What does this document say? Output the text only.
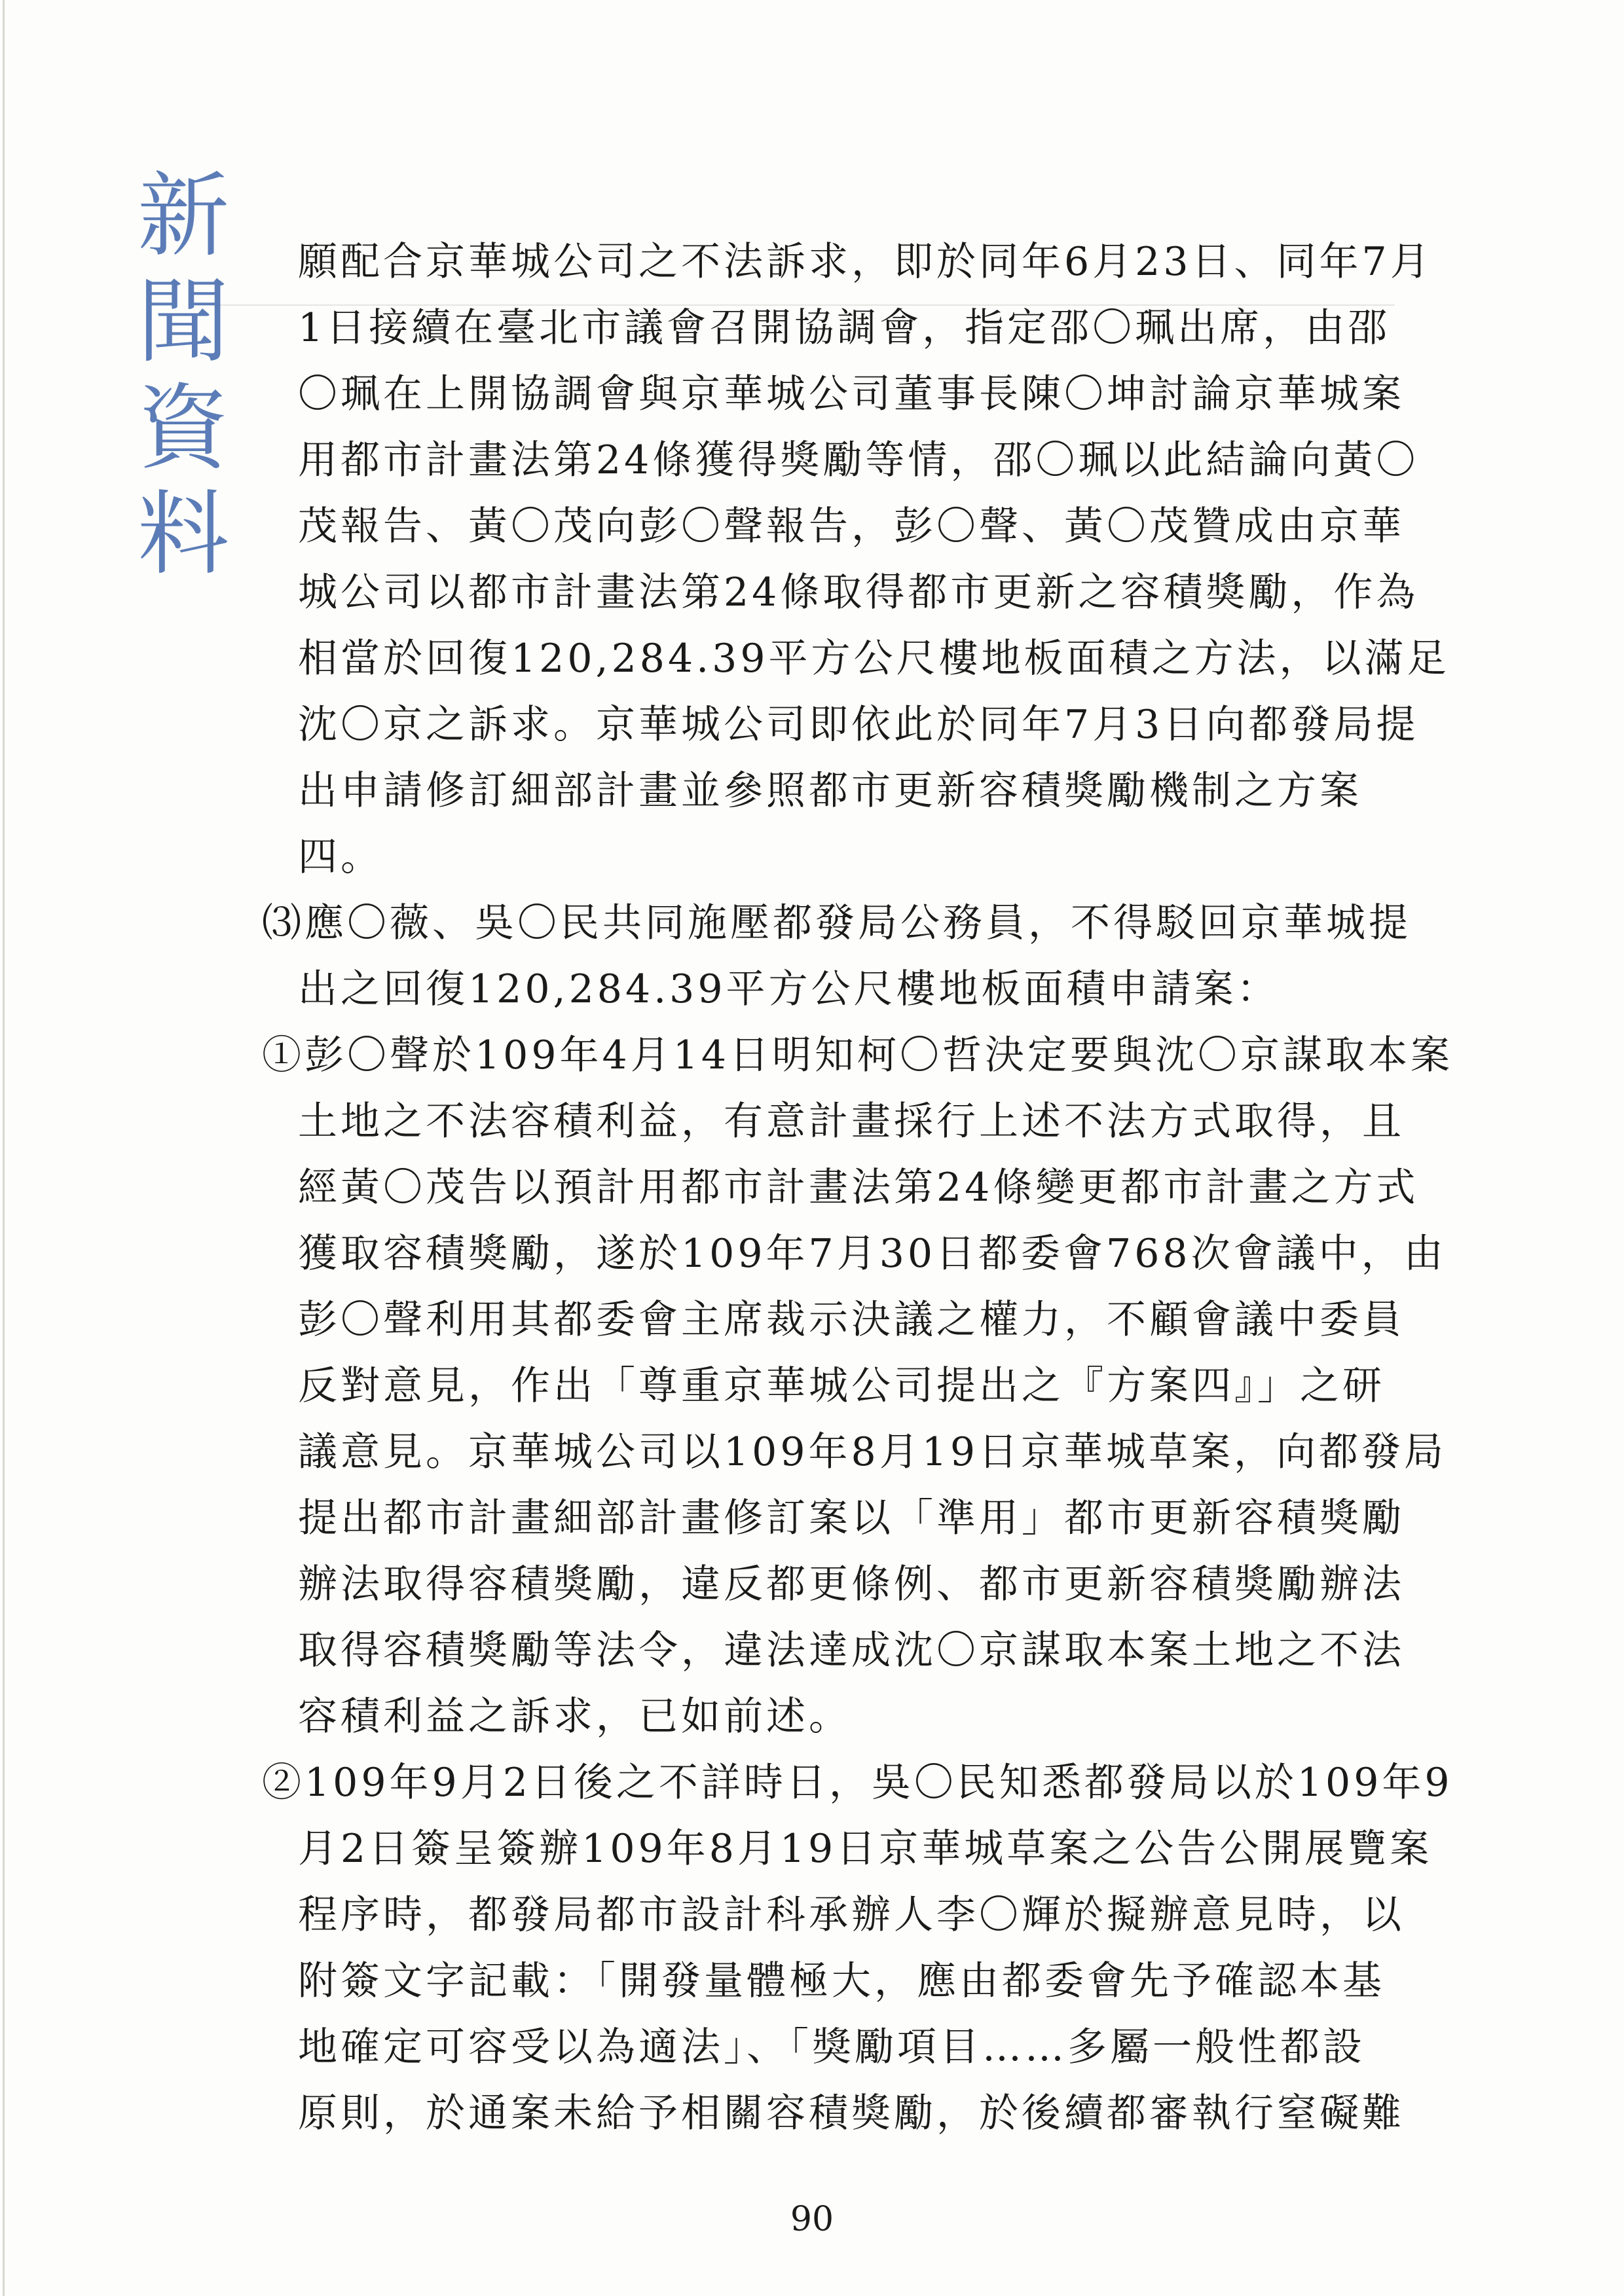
新
聞
資
料
願配合京華城公司之不法訴求，即於同年6月23日、同年7月
1日接續在臺北市議會召開協調會，指定邵〇珮出席，由邵
〇珮在上開協調會與京華城公司董事長陳〇坤討論京華城案
用都市計畫法第24條獲得獎勵等情，邵〇珮以此結論向黃〇
茂報告、黃〇茂向彭〇聲報告，彭〇聲、黃〇茂贊成由京華
城公司以都市計畫法第24條取得都市更新之容積獎勵，作為
相當於回復120,284.39平方公尺樓地板面積之方法，以滿足
沈〇京之訴求。京華城公司即依此於同年7月3日向都發局提
出申請修訂細部計畫並參照都市更新容積獎勵機制之方案
四。
⑶應〇薇、吳〇民共同施壓都發局公務員，不得駁回京華城提
出之回復120,284.39平方公尺樓地板面積申請案：
①彭〇聲於109年4月14日明知柯〇哲決定要與沈〇京謀取本案
土地之不法容積利益，有意計畫採行上述不法方式取得，且
經黃〇茂告以預計用都市計畫法第24條變更都市計畫之方式
獲取容積獎勵，遂於109年7月30日都委會768次會議中，由
彭〇聲利用其都委會主席裁示決議之權力，不顧會議中委員
反對意見，作出「尊重京華城公司提出之『方案四』」之研
議意見。京華城公司以109年8月19日京華城草案，向都發局
提出都市計畫細部計畫修訂案以「準用」都市更新容積獎勵
辦法取得容積獎勵，違反都更條例、都市更新容積獎勵辦法
取得容積獎勵等法令，違法達成沈〇京謀取本案土地之不法
容積利益之訴求，已如前述。
②109年9月2日後之不詳時日，吳〇民知悉都發局以於109年9
月2日簽呈簽辦109年8月19日京華城草案之公告公開展覽案
程序時，都發局都市設計科承辦人李〇輝於擬辦意見時，以
附簽文字記載：「開發量體極大，應由都委會先予確認本基
地確定可容受以為適法」、「獎勵項目……多屬一般性都設
原則，於通案未給予相關容積獎勵，於後續都審執行窒礙難
90
